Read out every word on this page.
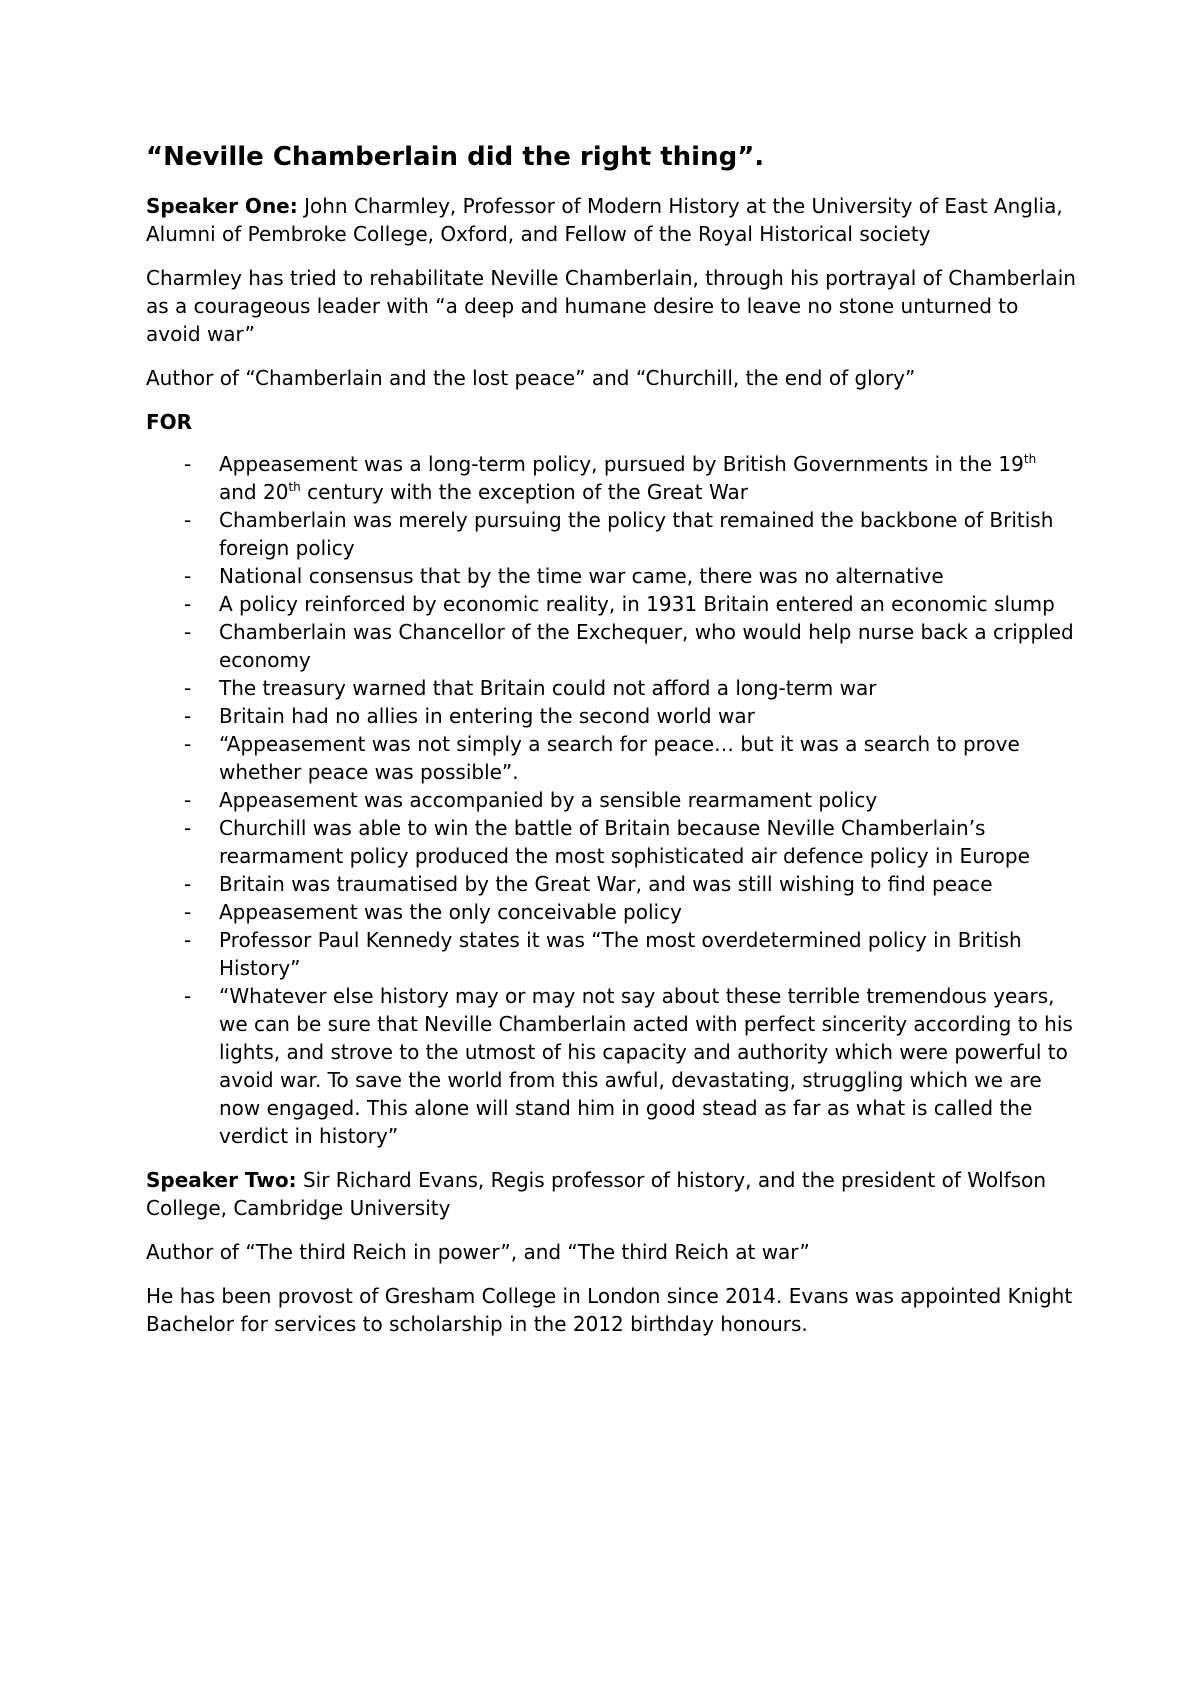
“Neville Chamberlain did the right thing”.

Speaker One: John Charmley, Professor of Modern History at the University of East Anglia, Alumni of Pembroke College, Oxford, and Fellow of the Royal Historical society

Charmley has tried to rehabilitate Neville Chamberlain, through his portrayal of Chamberlain as a courageous leader with “a deep and humane desire to leave no stone unturned to avoid war”

Author of “Chamberlain and the lost peace” and “Churchill, the end of glory”

FOR
- Appeasement was a long-term policy, pursued by British Governments in the 19th and 20th century with the exception of the Great War
- Chamberlain was merely pursuing the policy that remained the backbone of British foreign policy
- National consensus that by the time war came, there was no alternative
- A policy reinforced by economic reality, in 1931 Britain entered an economic slump
- Chamberlain was Chancellor of the Exchequer, who would help nurse back a crippled economy
- The treasury warned that Britain could not afford a long-term war
- Britain had no allies in entering the second world war
- “Appeasement was not simply a search for peace… but it was a search to prove whether peace was possible”.
- Appeasement was accompanied by a sensible rearmament policy
- Churchill was able to win the battle of Britain because Neville Chamberlain’s rearmament policy produced the most sophisticated air defence policy in Europe
- Britain was traumatised by the Great War, and was still wishing to find peace
- Appeasement was the only conceivable policy
- Professor Paul Kennedy states it was “The most overdetermined policy in British History”
- “Whatever else history may or may not say about these terrible tremendous years, we can be sure that Neville Chamberlain acted with perfect sincerity according to his lights, and strove to the utmost of his capacity and authority which were powerful to avoid war. To save the world from this awful, devastating, struggling which we are now engaged. This alone will stand him in good stead as far as what is called the verdict in history”

Speaker Two: Sir Richard Evans, Regis professor of history, and the president of Wolfson College, Cambridge University

Author of “The third Reich in power”, and “The third Reich at war”

He has been provost of Gresham College in London since 2014. Evans was appointed Knight Bachelor for services to scholarship in the 2012 birthday honours.
